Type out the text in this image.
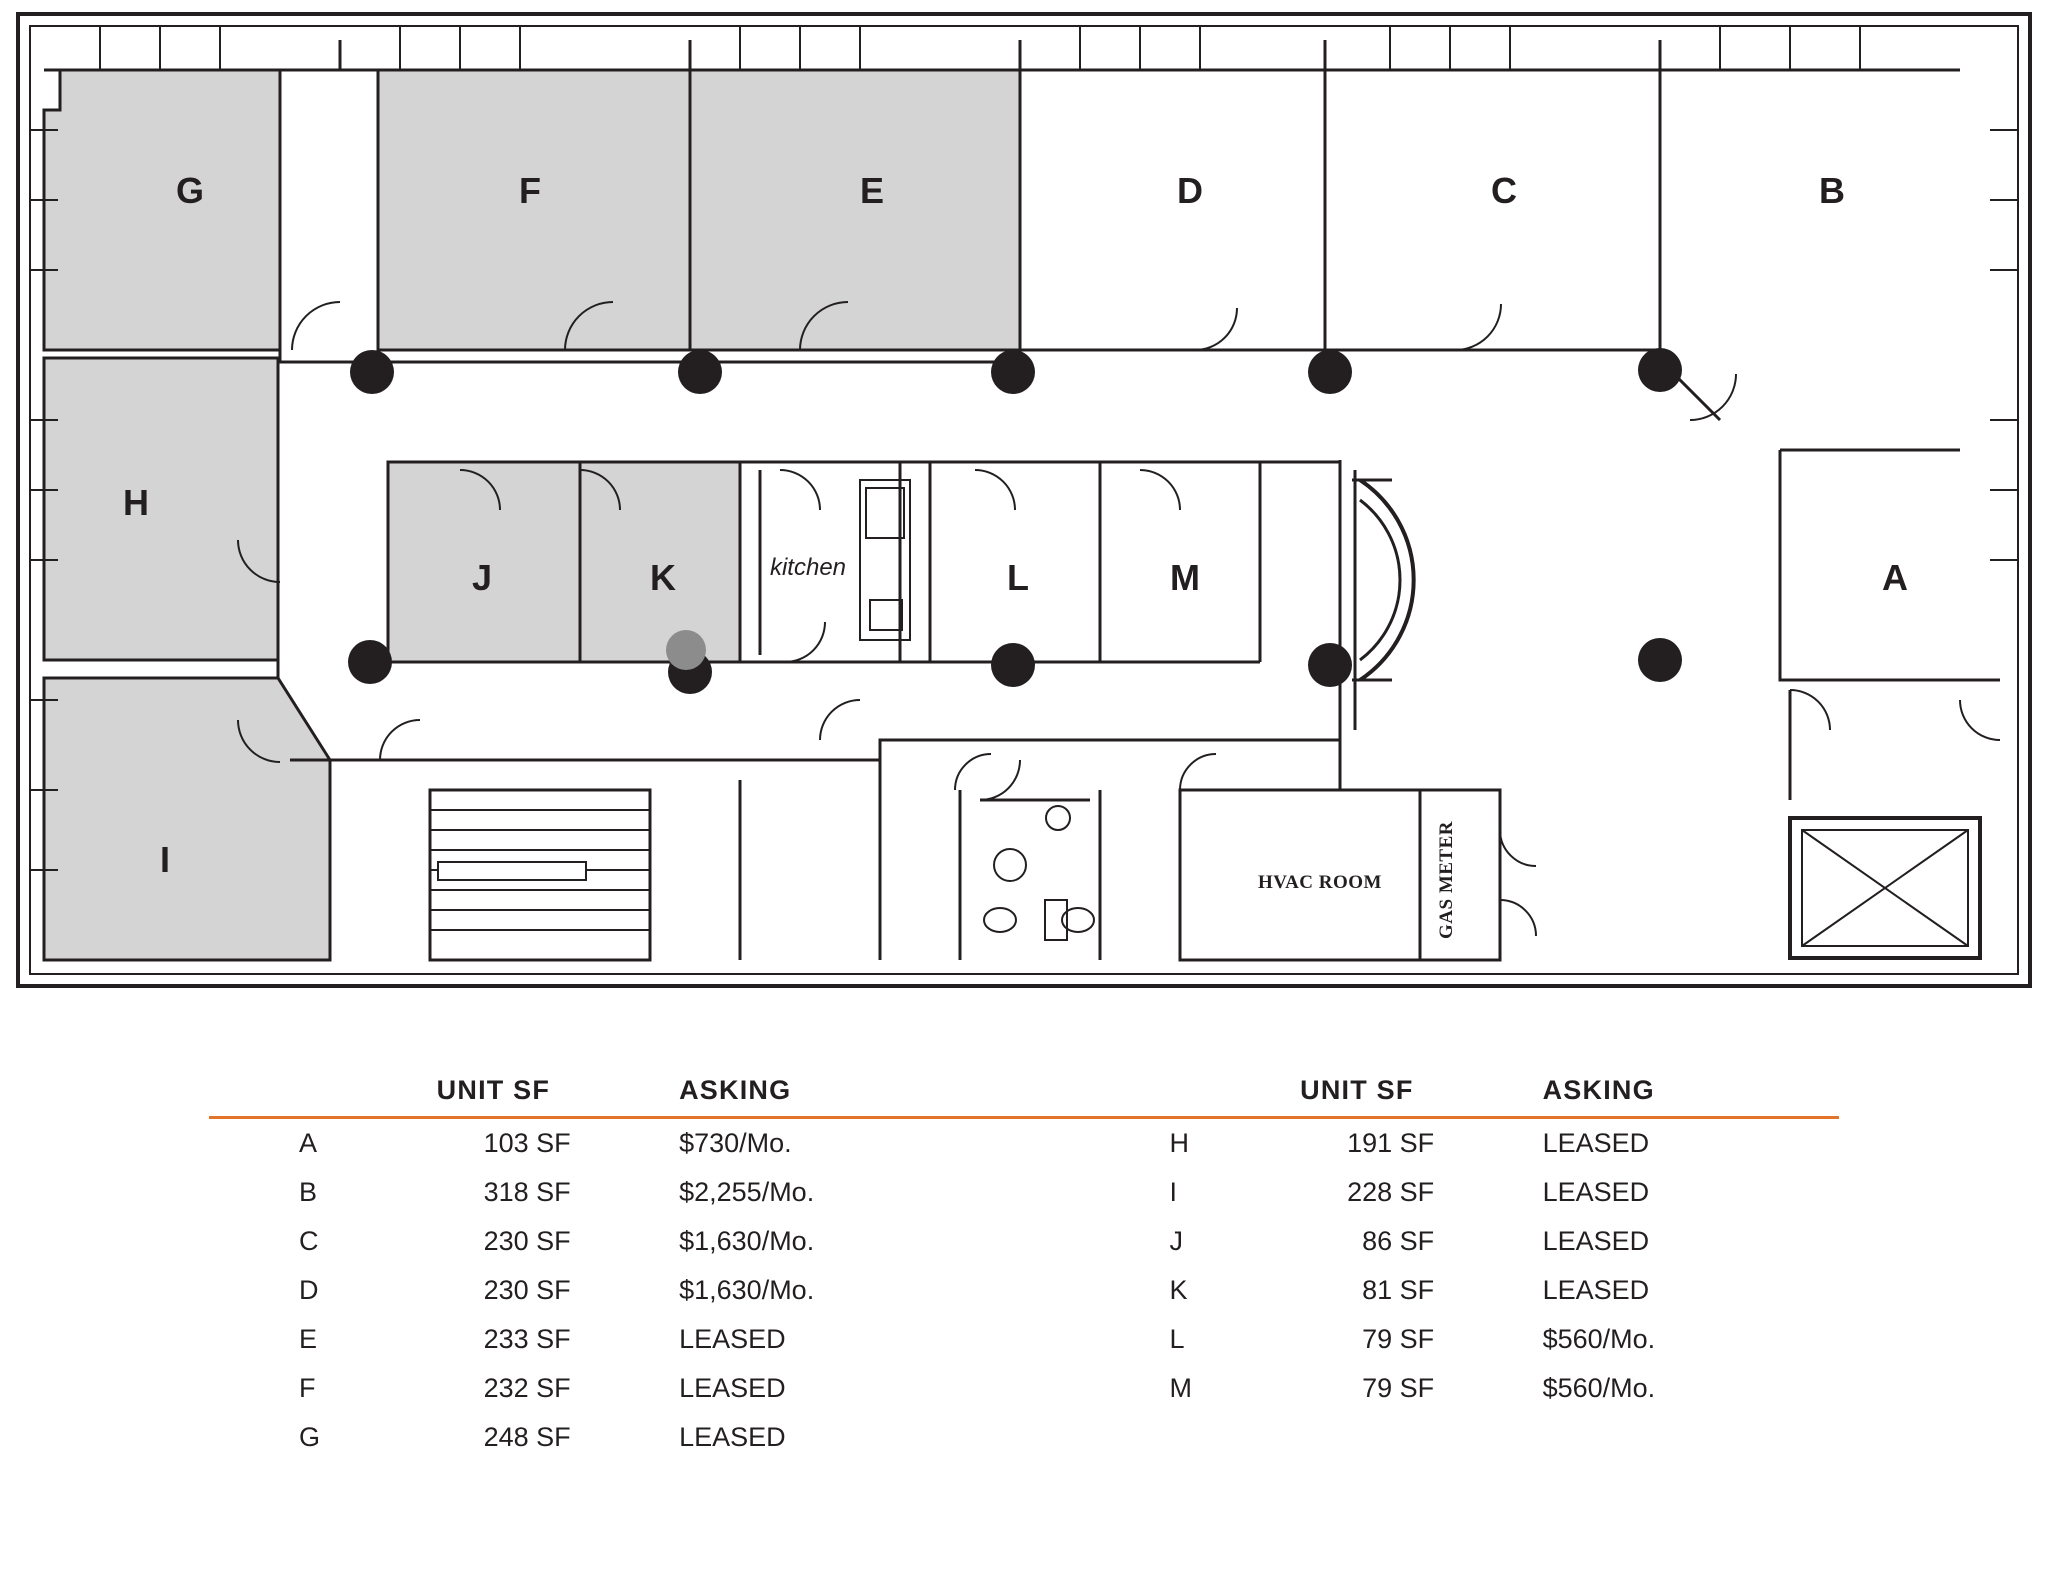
G	F	E	D	C	B
H
I
J	K	L	M	A
kitchen
HVAC ROOM	GAS METER
	UNIT SF	ASKING			UNIT SF	ASKING
A	103 SF	$730/Mo.		H	191 SF	LEASED
B	318 SF	$2,255/Mo.		I	228 SF	LEASED
C	230 SF	$1,630/Mo.		J	86 SF	LEASED
D	230 SF	$1,630/Mo.		K	81 SF	LEASED
E	233 SF	LEASED		L	79 SF	$560/Mo.
F	232 SF	LEASED		M	79 SF	$560/Mo.
G	248 SF	LEASED				
